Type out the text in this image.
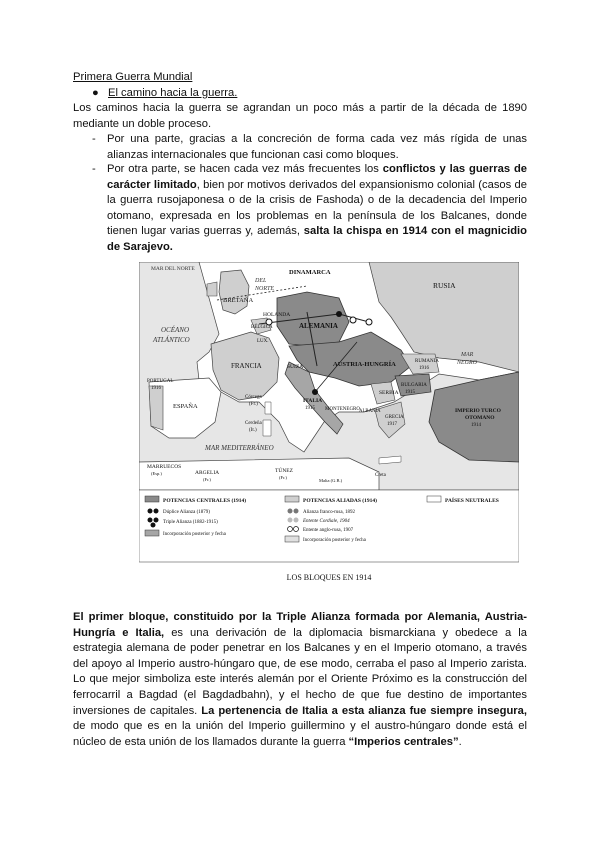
Primera Guerra Mundial
● El camino hacia la guerra.
Los caminos hacia la guerra se agrandan un poco más a partir de la década de 1890 mediante un doble proceso.
- Por una parte, gracias a la concreción de forma cada vez más rígida de unas alianzas internacionales que funcionan casi como bloques.
- Por otra parte, se hacen cada vez más frecuentes los conflictos y las guerras de carácter limitado, bien por motivos derivados del expansionismo colonial (casos de la guerra rusojaponesa o de la crisis de Fashoda) o de la decadencia del Imperio otomano, expresada en los problemas en la península de los Balcanes, donde tienen lugar varias guerras y, además, salta la chispa en 1914 con el magnicidio de Sarajevo.
MAR DEL NORTE
DEL
NORTE
DINAMARCA
RUSIA
BRETAÑA
HOLANDA
ALEMANIA
BÉLGICA
LUX.
OCÉANO
ATLÁNTICO
FRANCIA	SUIZA	AUSTRIA-HUNGRÍA	RUMANIA
1916
MAR
NEGRO
PORTUGAL
1916
ESPAÑA
Córcega
(Fr.)
ITALIA
1915 MONTENEGRO
SERBIA
BULGARIA
1915
Cerdeña
(It.)
ALBANIA
GRECIA
1917
IMPERIO TURCO
OTOMANO
1914
MAR MEDITERRÁNEO
MARRUECOS
(Esp.)	ARGELIA
(Fr.)
TÚNEZ
(Fr.)
Malta (G.B.)
Creta
POTENCIAS CENTRALES (1914)
Dúplice Alianza (1879)
Triple Alianza (1882-1915)
Incorporación posterior y fecha
POTENCIAS ALIADAS (1914)
Alianza franco-rusa, 1892
Entente Cordiale, 1904
Entente anglo-rusa, 1907
Incorporación posterior y fecha
PAÍSES NEUTRALES
LOS BLOQUES EN 1914
El primer bloque, constituido por la Triple Alianza formada por Alemania, Austria-Hungría e Italia, es una derivación de la diplomacia bismarckiana y obedece a la estrategia alemana de poder penetrar en los Balcanes y en el Imperio otomano, a través del apoyo al Imperio austro-húngaro que, de ese modo, cerraba el paso al Imperio zarista. Lo que mejor simboliza este interés alemán por el Oriente Próximo es la construcción del ferrocarril a Bagdad (el Bagdadbahn), y el hecho de que fue destino de importantes inversiones de capitales. La pertenencia de Italia a esta alianza fue siempre insegura, de modo que es en la unión del Imperio guillermino y el austro-húngaro donde está el núcleo de esta unión de los llamados durante la guerra “Imperios centrales”.
